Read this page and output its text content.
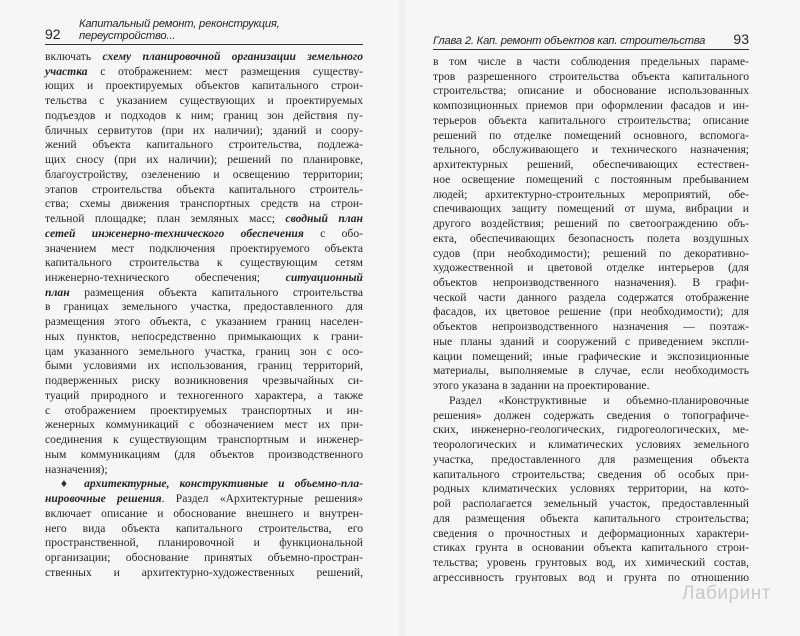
92
Капитальный ремонт, реконструкция, переустройство...
включать схему планировочной организации земельного
участка с отображением: мест размещения существу-
ющих и проектируемых объектов капитального строи-
тельства с указанием существующих и проектируемых
подъездов и подходов к ним; границ зон действия пу-
бличных сервитутов (при их наличии); зданий и соору-
жений объекта капитального строительства, подлежа-
щих сносу (при их наличии); решений по планировке,
благоустройству, озеленению и освещению территории;
этапов строительства объекта капитального строитель-
ства; схемы движения транспортных средств на строи-
тельной площадке; план земляных масс; сводный план
сетей инженерно-технического обеспечения с обо-
значением мест подключения проектируемого объекта
капитального строительства к существующим сетям
инженерно-технического обеспечения; ситуационный
план размещения объекта капитального строительства
в границах земельного участка, предоставленного для
размещения этого объекта, с указанием границ населен-
ных пунктов, непосредственно примыкающих к грани-
цам указанного земельного участка, границ зон с осо-
быми условиями их использования, границ территорий,
подверженных риску возникновения чрезвычайных си-
туаций природного и техногенного характера, а также
с отображением проектируемых транспортных и ин-
женерных коммуникаций с обозначением мест их при-
соединения к существующим транспортным и инженер-
ным коммуникациям (для объектов производственного
назначения);
♦ архитектурные, конструктивные и объемно-пла-
нировочные решения. Раздел «Архитектурные решения»
включает описание и обоснование внешнего и внутрен-
него вида объекта капитального строительства, его
пространственной, планировочной и функциональной
организации; обоснование принятых объемно-простран-
ственных и архитектурно-художественных решений,
Глава 2. Кап. ремонт объектов кап. строительства 93
в том числе в части соблюдения предельных параме-
тров разрешенного строительства объекта капитального
строительства; описание и обоснование использованных
композиционных приемов при оформлении фасадов и ин-
терьеров объекта капитального строительства; описание
решений по отделке помещений основного, вспомога-
тельного, обслуживающего и технического назначения;
архитектурных решений, обеспечивающих естествен-
ное освещение помещений с постоянным пребыванием
людей; архитектурно-строительных мероприятий, обе-
спечивающих защиту помещений от шума, вибрации и
другого воздействия; решений по светоограждению объ-
екта, обеспечивающих безопасность полета воздушных
судов (при необходимости); решений по декоративно-
художественной и цветовой отделке интерьеров (для
объектов непроизводственного назначения). В графи-
ческой части данного раздела содержатся отображение
фасадов, их цветовое решение (при необходимости); для
объектов непроизводственного назначения — поэтаж-
ные планы зданий и сооружений с приведением экспли-
кации помещений; иные графические и экспозиционные
материалы, выполняемые в случае, если необходимость
этого указана в задании на проектирование.
Раздел «Конструктивные и объемно-планировочные
решения» должен содержать сведения о топографиче-
ских, инженерно-геологических, гидрогеологических, ме-
теорологических и климатических условиях земельного
участка, предоставленного для размещения объекта
капитального строительства; сведения об особых при-
родных климатических условиях территории, на кото-
рой располагается земельный участок, предоставленный
для размещения объекта капитального строительства;
сведения о прочностных и деформационных характери-
стиках грунта в основании объекта капитального строи-
тельства; уровень грунтовых вод, их химический состав,
агрессивность грунтовых вод и грунта по отношению
Лабиринт
